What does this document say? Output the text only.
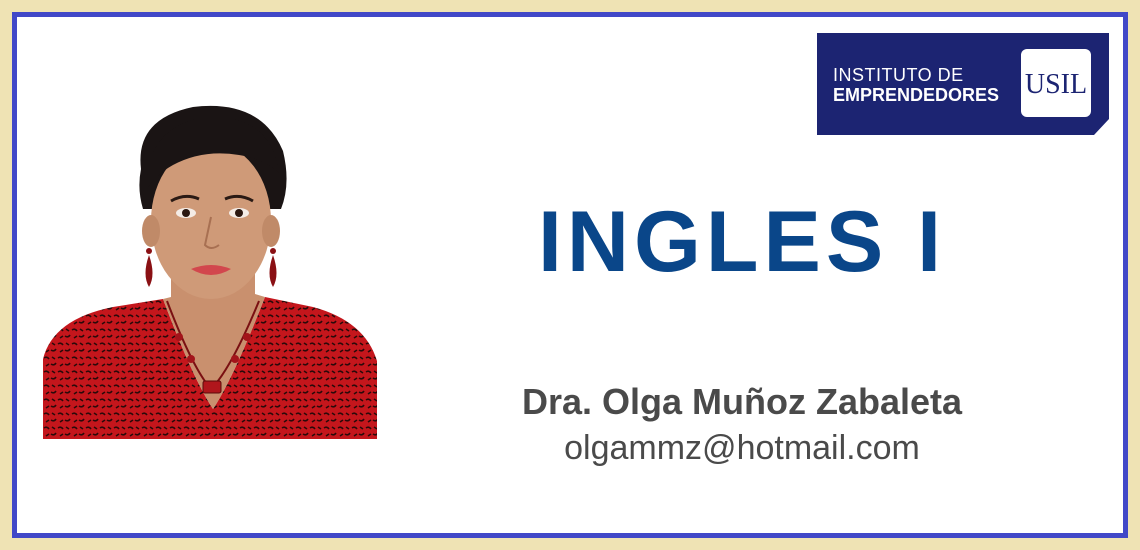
INSTITUTO DE
EMPRENDEDORES USIL
INGLES I
Dra. Olga Muñoz Zabaleta
olgammz@hotmail.com
